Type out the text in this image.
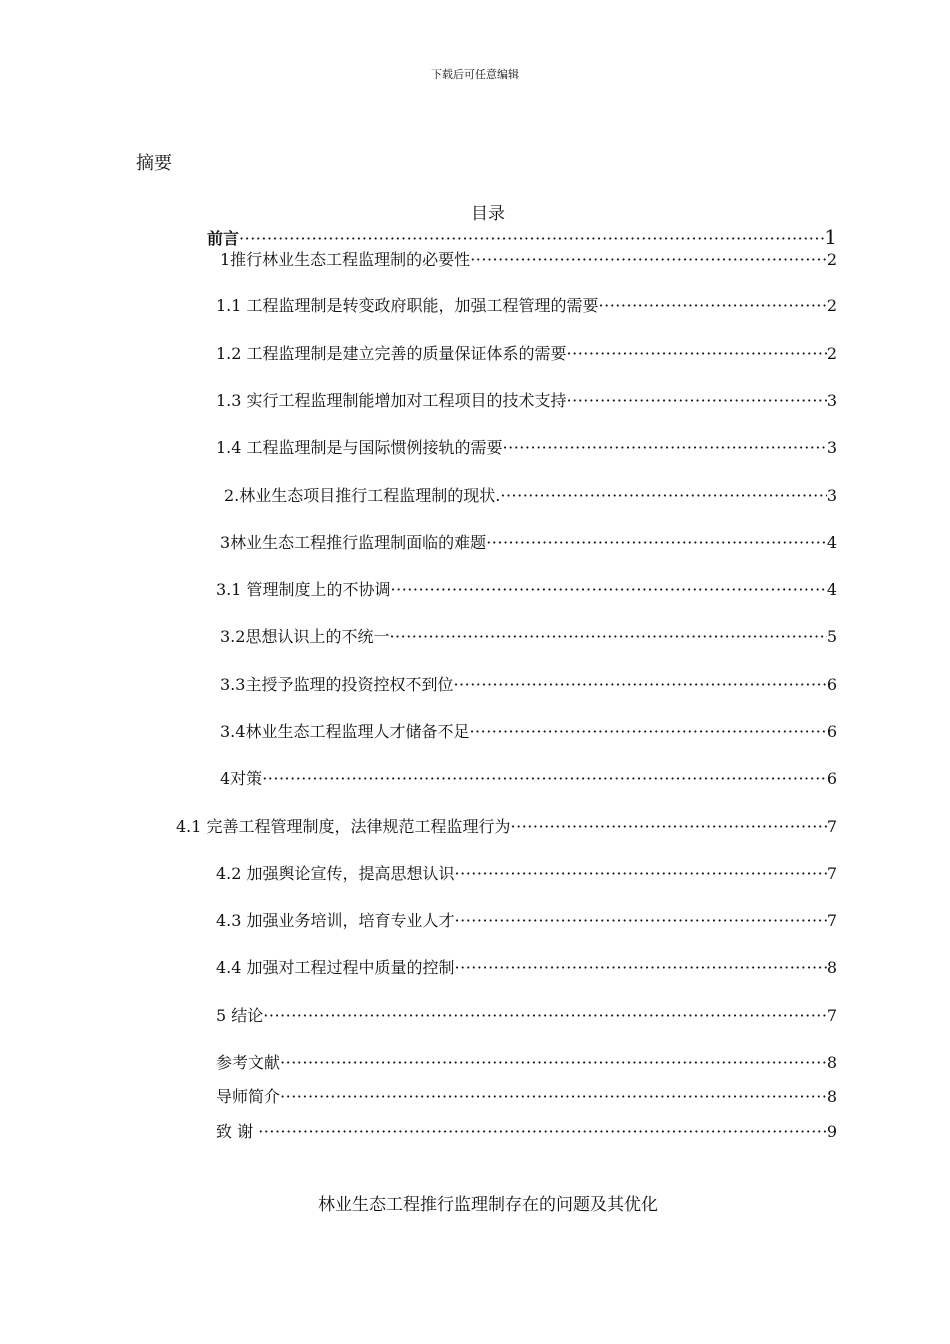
下载后可任意编辑
摘要
目录
前言 ·····	1
1推行林业生态工程监理制的必要性 ·····	2
1.1 工程监理制是转变政府职能，加强工程管理的需要 ·····	2
1.2 工程监理制是建立完善的质量保证体系的需要 ·····	2
1.3 实行工程监理制能增加对工程项目的技术支持 ·····	3
1.4 工程监理制是与国际惯例接轨的需要 ·····	3
2.林业生态项目推行工程监理制的现状. ·····	3
3林业生态工程推行监理制面临的难题 ·····	4
3.1 管理制度上的不协调 ·····	4
3.2思想认识上的不统一 ·····	5
3.3主授予监理的投资控权不到位 ·····	6
3.4林业生态工程监理人才储备不足 ·····	6
4对策 ·····	6
4.1 完善工程管理制度，法律规范工程监理行为 ·····	7
4.2 加强舆论宣传，提高思想认识 ·····	7
4.3 加强业务培训，培育专业人才 ·····	7
4.4 加强对工程过程中质量的控制 ·····	8
5 结论 ·····	7
参考文献 ·····	8
导师简介 ·····	8
致 谢 ·····	9
林业生态工程推行监理制存在的问题及其优化
